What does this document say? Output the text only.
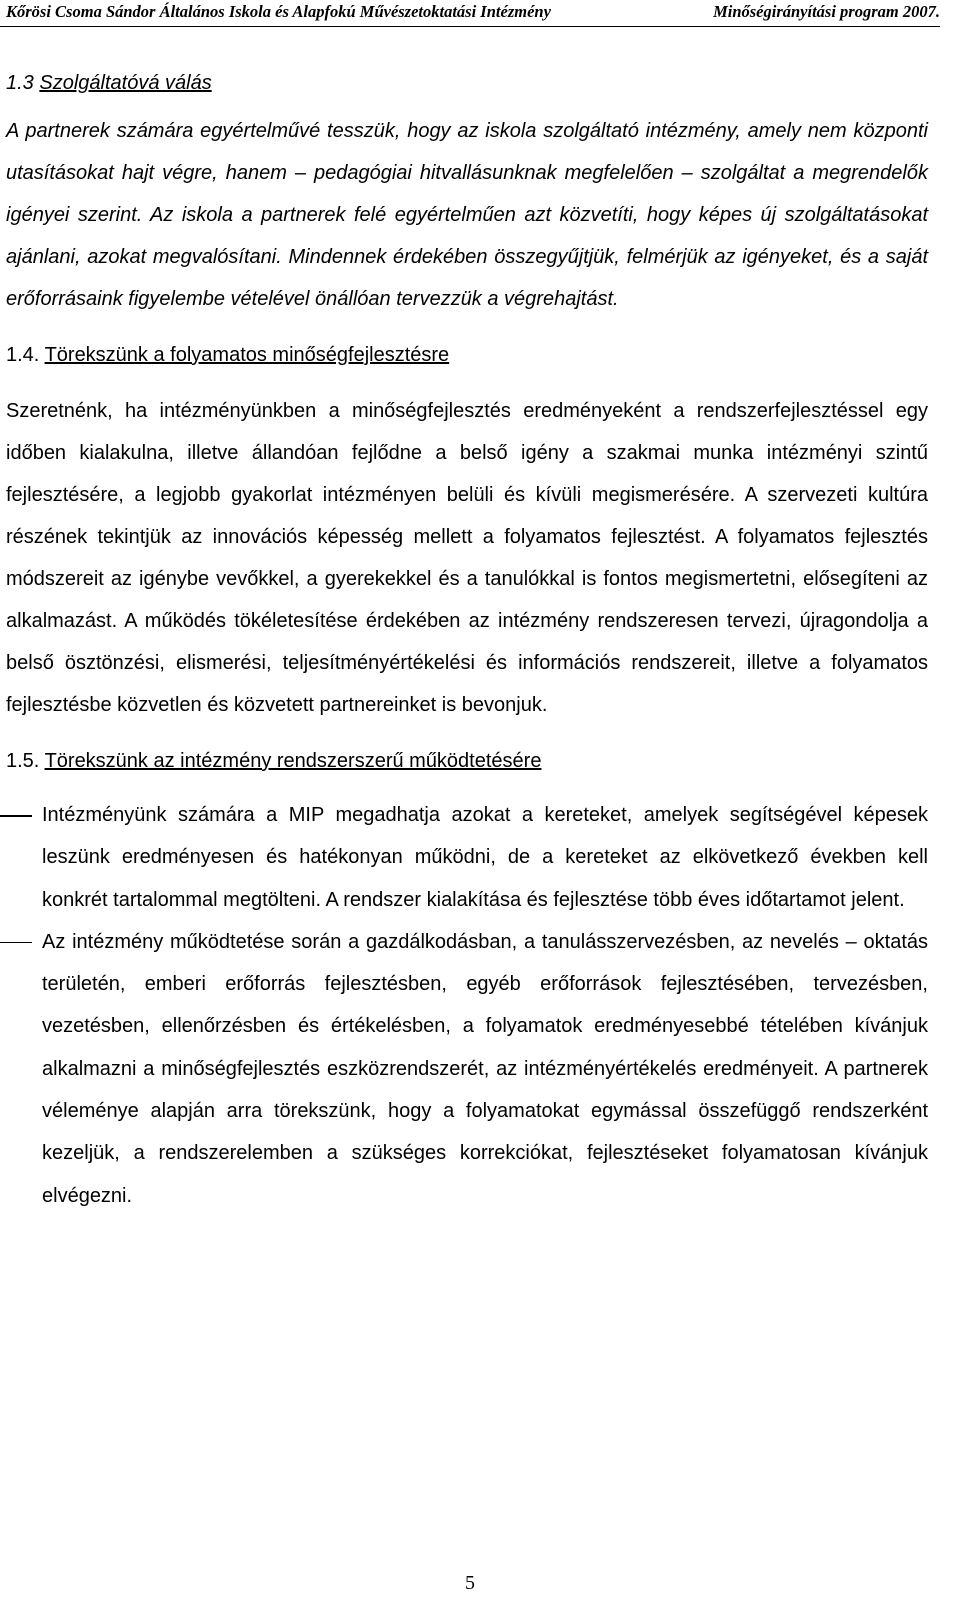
Kőrösi Csoma Sándor Általános Iskola és Alapfokú Művészetoktatási Intézmény	Minőségirányítási program 2007.
1.3 Szolgáltatóvá válás

A partnerek számára egyértelművé tesszük, hogy az iskola szolgáltató intézmény, amely nem központi utasításokat hajt végre, hanem – pedagógiai hitvallásunknak megfelelően – szolgáltat a megrendelők igényei szerint. Az iskola a partnerek felé egyértelműen azt közvetíti, hogy képes új szolgáltatásokat ajánlani, azokat megvalósítani. Mindennek érdekében összegyűjtjük, felmérjük az igényeket, és a saját erőforrásaink figyelembe vételével önállóan tervezzük a végrehajtást.

1.4. Törekszünk a folyamatos minőségfejlesztésre

Szeretnénk, ha intézményünkben a minőségfejlesztés eredményeként a rendszerfejlesztéssel egy időben kialakulna, illetve állandóan fejlődne a belső igény a szakmai munka intézményi szintű fejlesztésére, a legjobb gyakorlat intézményen belüli és kívüli megismerésére. A szervezeti kultúra részének tekintjük az innovációs képesség mellett a folyamatos fejlesztést. A folyamatos fejlesztés módszereit az igénybe vevőkkel, a gyerekekkel és a tanulókkal is fontos megismertetni, elősegíteni az alkalmazást. A működés tökéletesítése érdekében az intézmény rendszeresen tervezi, újragondolja a belső ösztönzési, elismerési, teljesítményértékelési és információs rendszereit, illetve a folyamatos fejlesztésbe közvetlen és közvetett partnereinket is bevonjuk.

1.5. Törekszünk az intézmény rendszerszerű működtetésére
Intézményünk számára a MIP megadhatja azokat a kereteket, amelyek segítségével képesek leszünk eredményesen és hatékonyan működni, de a kereteket az elkövetkező években kell konkrét tartalommal megtölteni. A rendszer kialakítása és fejlesztése több éves időtartamot jelent.
Az intézmény működtetése során a gazdálkodásban, a tanulásszervezésben, az nevelés – oktatás területén, emberi erőforrás fejlesztésben, egyéb erőforrások fejlesztésében, tervezésben, vezetésben, ellenőrzésben és értékelésben, a folyamatok eredményesebbé tételében kívánjuk alkalmazni a minőségfejlesztés eszközrendszerét, az intézményértékelés eredményeit. A partnerek véleménye alapján arra törekszünk, hogy a folyamatokat egymással összefüggő rendszerként kezeljük, a rendszerelemben a szükséges korrekciókat, fejlesztéseket folyamatosan kívánjuk elvégezni.
5
